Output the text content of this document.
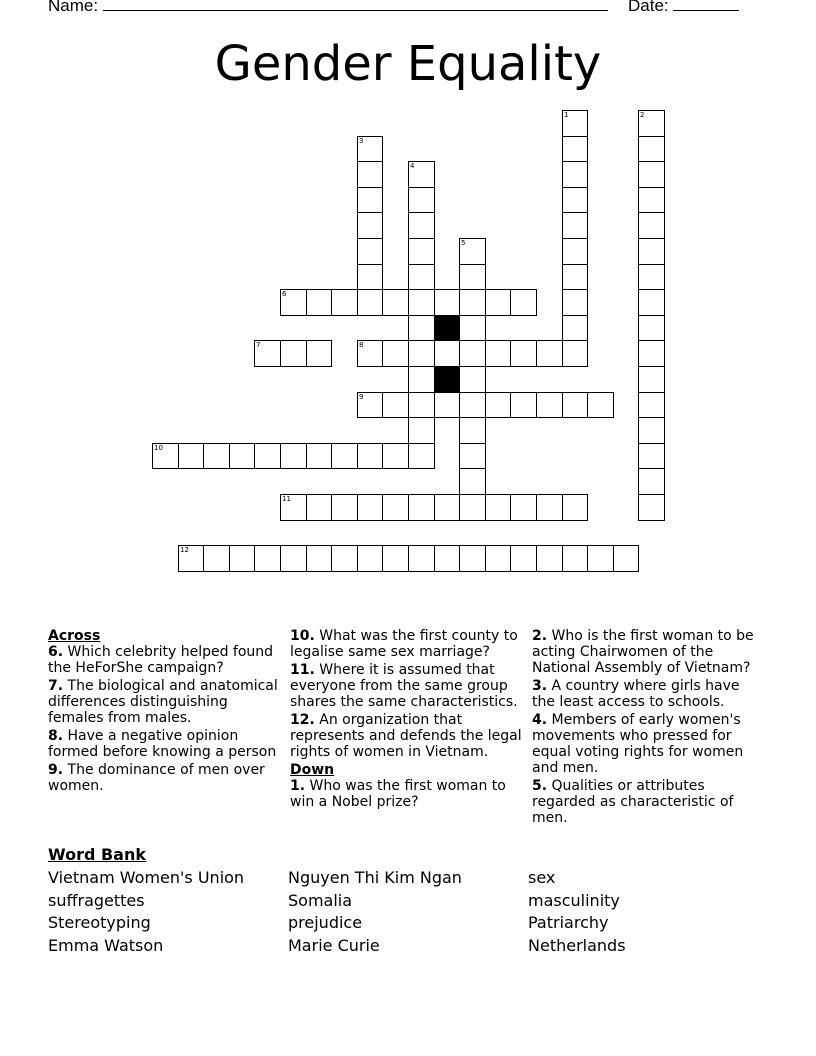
Name:	Date:
Gender Equality
1	2
3
4
5
6
7	8
9
10
11
12
Across
6. Which celebrity helped found the HeForShe campaign?
7. The biological and anatomical differences distinguishing females from males.
8. Have a negative opinion formed before knowing a person
9. The dominance of men over women.
10. What was the first county to legalise same sex marriage?
11. Where it is assumed that everyone from the same group shares the same characteristics.
12. An organization that represents and defends the legal rights of women in Vietnam.
Down
1. Who was the first woman to win a Nobel prize?
2. Who is the first woman to be acting Chairwomen of the National Assembly of Vietnam?
3. A country where girls have the least access to schools.
4. Members of early women's movements who pressed for equal voting rights for women and men.
5. Qualities or attributes regarded as characteristic of men.
Word Bank
Vietnam Women's Union
suffragettes
Stereotyping
Emma Watson
Nguyen Thi Kim Ngan
Somalia
prejudice
Marie Curie
sex
masculinity
Patriarchy
Netherlands
